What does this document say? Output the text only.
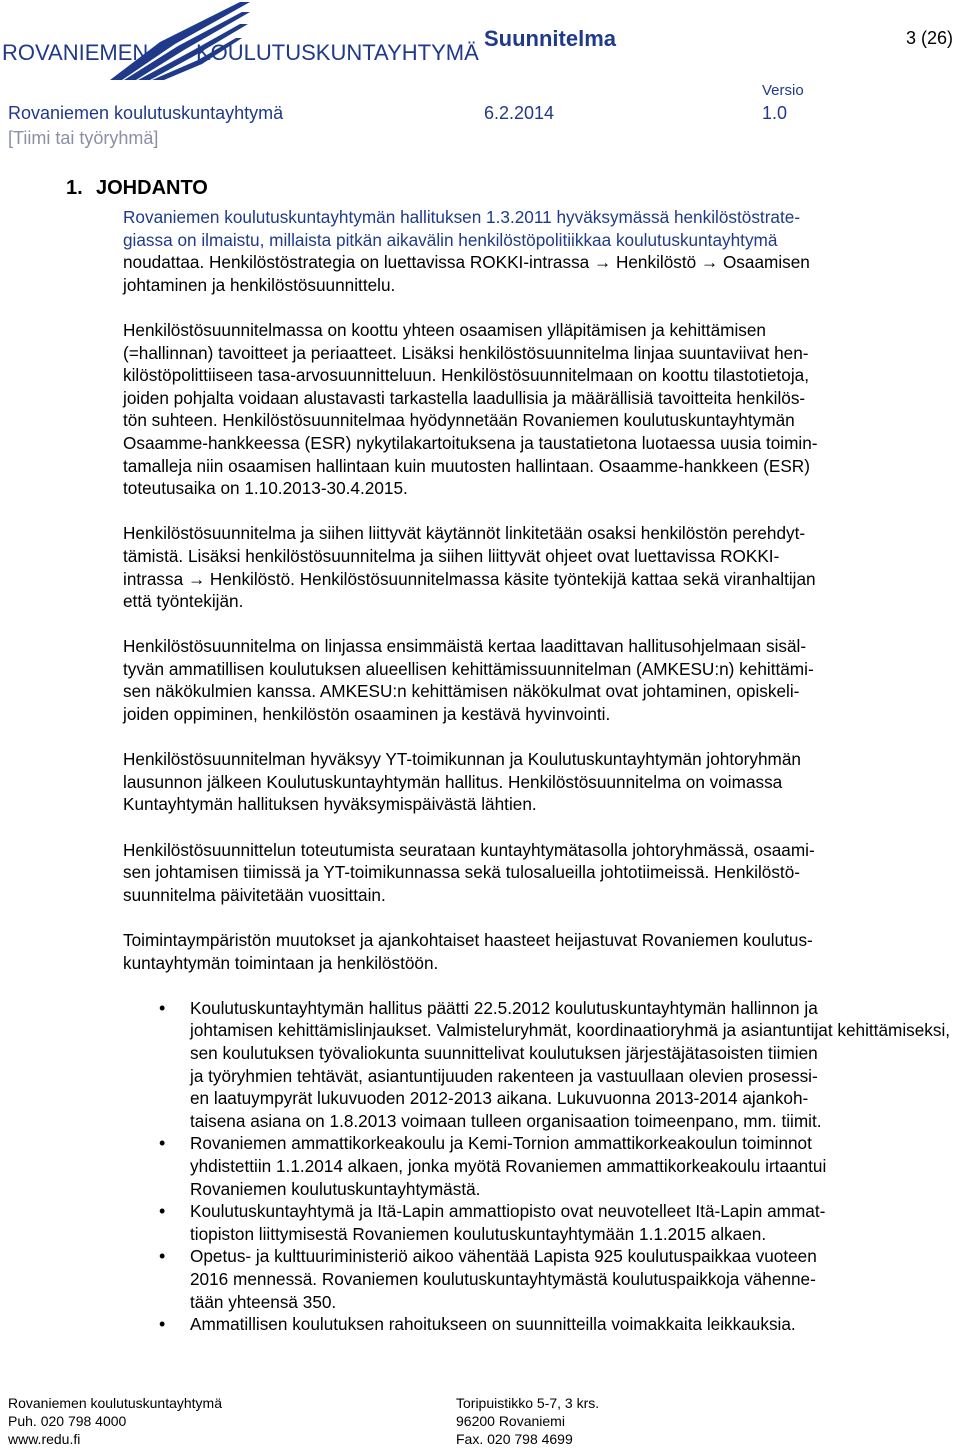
ROVANIEMEN KOULUTUSKUNTAYHTYMÄ
Suunnitelma	3 (26)
Rovaniemen koulutuskuntayhtymä	6.2.2014
Versio
1.0
[Tiimi tai työryhmä]
1. JOHDANTO

Rovaniemen koulutuskuntayhtymän hallituksen 1.3.2011 hyväksymässä henkilöstöstrate-
giassa on ilmaistu, millaista pitkän aikavälin henkilöstöpolitiikkaa koulutuskuntayhtymä
noudattaa. Henkilöstöstrategia on luettavissa ROKKI-intrassa → Henkilöstö → Osaamisen
johtaminen ja henkilöstösuunnittelu.

Henkilöstösuunnitelmassa on koottu yhteen osaamisen ylläpitämisen ja kehittämisen
(=hallinnan) tavoitteet ja periaatteet. Lisäksi henkilöstösuunnitelma linjaa suuntaviivat hen-
kilöstöpolittiiseen tasa-arvosuunnitteluun. Henkilöstösuunnitelmaan on koottu tilastotietoja,
joiden pohjalta voidaan alustavasti tarkastella laadullisia ja määrällisiä tavoitteita henkilös-
tön suhteen. Henkilöstösuunnitelmaa hyödynnetään Rovaniemen koulutuskuntayhtymän
Osaamme-hankkeessa (ESR) nykytilakartoituksena ja taustatietona luotaessa uusia toimin-
tamalleja niin osaamisen hallintaan kuin muutosten hallintaan. Osaamme-hankkeen (ESR)
toteutusaika on 1.10.2013-30.4.2015.

Henkilöstösuunnitelma ja siihen liittyvät käytännöt linkitetään osaksi henkilöstön perehdyt-
tämistä. Lisäksi henkilöstösuunnitelma ja siihen liittyvät ohjeet ovat luettavissa ROKKI-
intrassa → Henkilöstö. Henkilöstösuunnitelmassa käsite työntekijä kattaa sekä viranhaltijan
että työntekijän.

Henkilöstösuunnitelma on linjassa ensimmäistä kertaa laadittavan hallitusohjelmaan sisäl-
tyvän ammatillisen koulutuksen alueellisen kehittämissuunnitelman (AMKESU:n) kehittämi-
sen näkökulmien kanssa. AMKESU:n kehittämisen näkökulmat ovat johtaminen, opiskeli-
joiden oppiminen, henkilöstön osaaminen ja kestävä hyvinvointi.

Henkilöstösuunnitelman hyväksyy YT-toimikunnan ja Koulutuskuntayhtymän johtoryhmän
lausunnon jälkeen Koulutuskuntayhtymän hallitus. Henkilöstösuunnitelma on voimassa
Kuntayhtymän hallituksen hyväksymispäivästä lähtien.

Henkilöstösuunnittelun toteutumista seurataan kuntayhtymätasolla johtoryhmässä, osaami-
sen johtamisen tiimissä ja YT-toimikunnassa sekä tulosalueilla johtotiimeissä. Henkilöstö-
suunnitelma päivitetään vuosittain.

Toimintaympäristön muutokset ja ajankohtaiset haasteet heijastuvat Rovaniemen koulutus-
kuntayhtymän toimintaan ja henkilöstöön.

• Koulutuskuntayhtymän hallitus päätti 22.5.2012 koulutuskuntayhtymän hallinnon ja
johtamisen kehittämislinjaukset. Valmisteluryhmät, koordinaatioryhmä ja asiantuntijat kehittämiseksi,
sen koulutuksen työvaliokunta suunnittelivat koulutuksen järjestäjätasoisten tiimien
ja työryhmien tehtävät, asiantuntijuuden rakenteen ja vastuullaan olevien prosessi-
en laatuympyrät lukuvuoden 2012-2013 aikana. Lukuvuonna 2013-2014 ajankoh-
taisena asiana on 1.8.2013 voimaan tulleen organisaation toimeenpano, mm. tiimit.
• Rovaniemen ammattikorkeakoulu ja Kemi-Tornion ammattikorkeakoulun toiminnot
yhdistettiin 1.1.2014 alkaen, jonka myötä Rovaniemen ammattikorkeakoulu irtaantui
Rovaniemen koulutuskuntayhtymästä.
• Koulutuskuntayhtymä ja Itä-Lapin ammattiopisto ovat neuvotelleet Itä-Lapin ammat-
tiopiston liittymisestä Rovaniemen koulutuskuntayhtymään 1.1.2015 alkaen.
• Opetus- ja kulttuuriministeriö aikoo vähentää Lapista 925 koulutuspaikkaa vuoteen
2016 mennessä. Rovaniemen koulutuskuntayhtymästä koulutuspaikkoja vähenne-
tään yhteensä 350.
• Ammatillisen koulutuksen rahoitukseen on suunnitteilla voimakkaita leikkauksia.
Rovaniemen koulutuskuntayhtymä
Puh. 020 798 4000
www.redu.fi
Toripuistikko 5-7, 3 krs.
96200 Rovaniemi
Fax. 020 798 4699
